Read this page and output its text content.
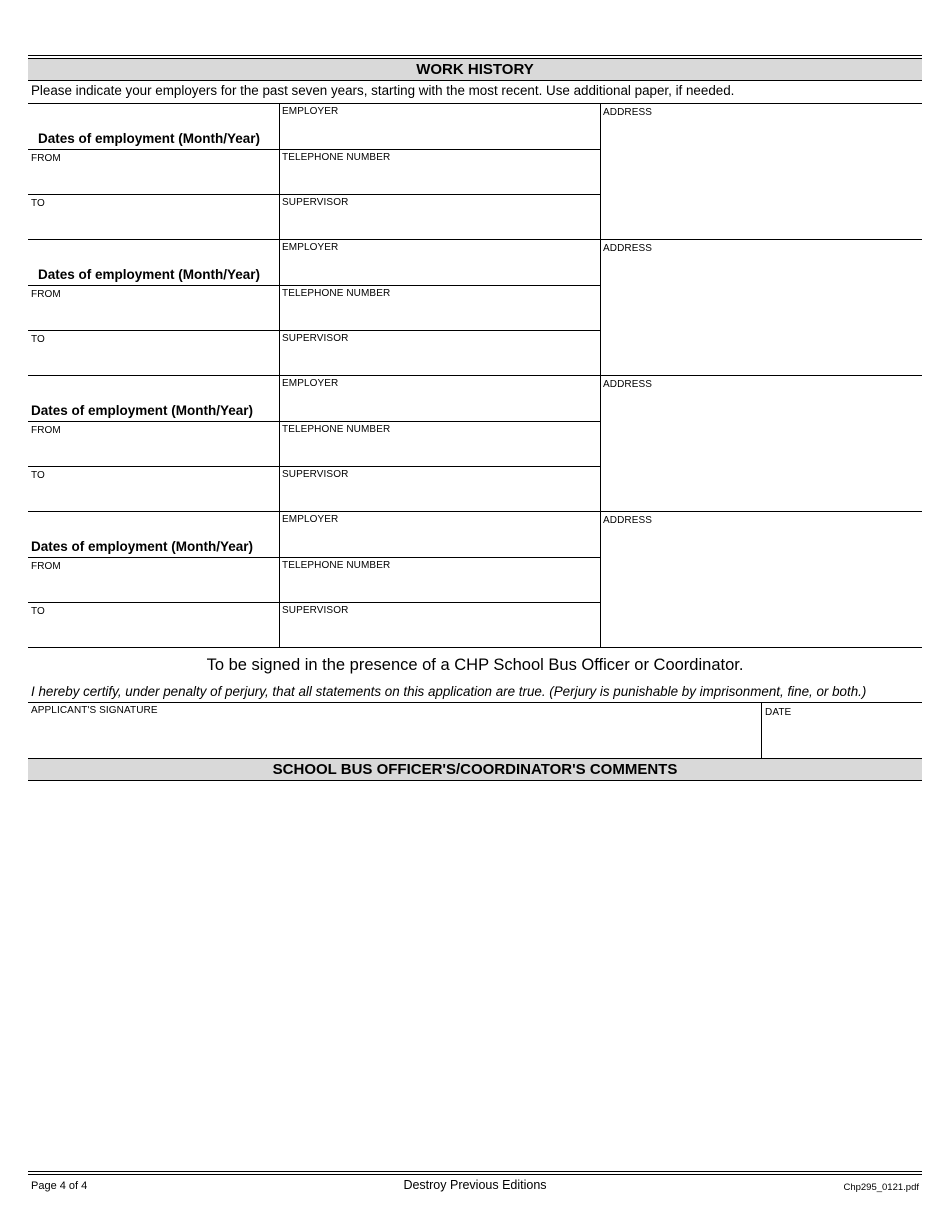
WORK HISTORY
Please indicate your employers for the past seven years, starting with the most recent. Use additional paper, if needed.
Dates of employment (Month/Year)
EMPLOYER	ADDRESS
FROM	TELEPHONE NUMBER
TO	SUPERVISOR
Dates of employment (Month/Year)
EMPLOYER	ADDRESS
FROM	TELEPHONE NUMBER
TO	SUPERVISOR
Dates of employment (Month/Year)
EMPLOYER	ADDRESS
FROM	TELEPHONE NUMBER
TO	SUPERVISOR
Dates of employment (Month/Year)
EMPLOYER	ADDRESS
FROM	TELEPHONE NUMBER
TO	SUPERVISOR
To be signed in the presence of a CHP School Bus Officer or Coordinator.
I hereby certify, under penalty of perjury, that all statements on this application are true. (Perjury is punishable by imprisonment, fine, or both.)
APPLICANT'S SIGNATURE	DATE
SCHOOL BUS OFFICER'S/COORDINATOR'S COMMENTS
Page 4 of 4	Destroy Previous Editions	Chp295_0121.pdf
